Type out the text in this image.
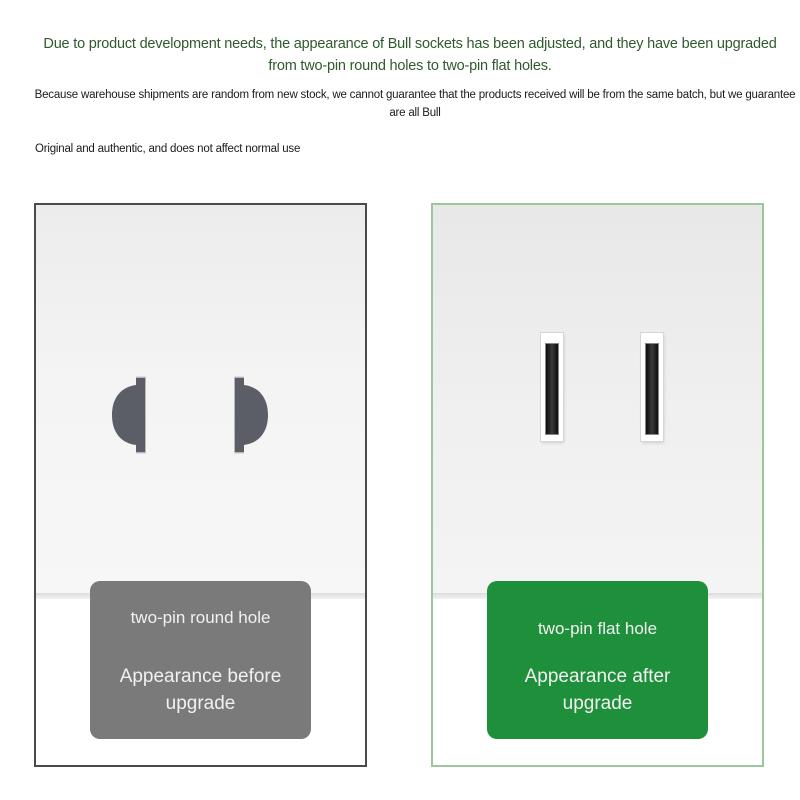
Due to product development needs, the appearance of Bull sockets has been adjusted, and they have been upgraded from two-pin round holes to two-pin flat holes.
Because warehouse shipments are random from new stock, we cannot guarantee that the products received will be from the same batch, but we guarantee are all Bull
Original and authentic, and does not affect normal use
two-pin round hole
Appearance before upgrade
two-pin flat hole
Appearance after upgrade
